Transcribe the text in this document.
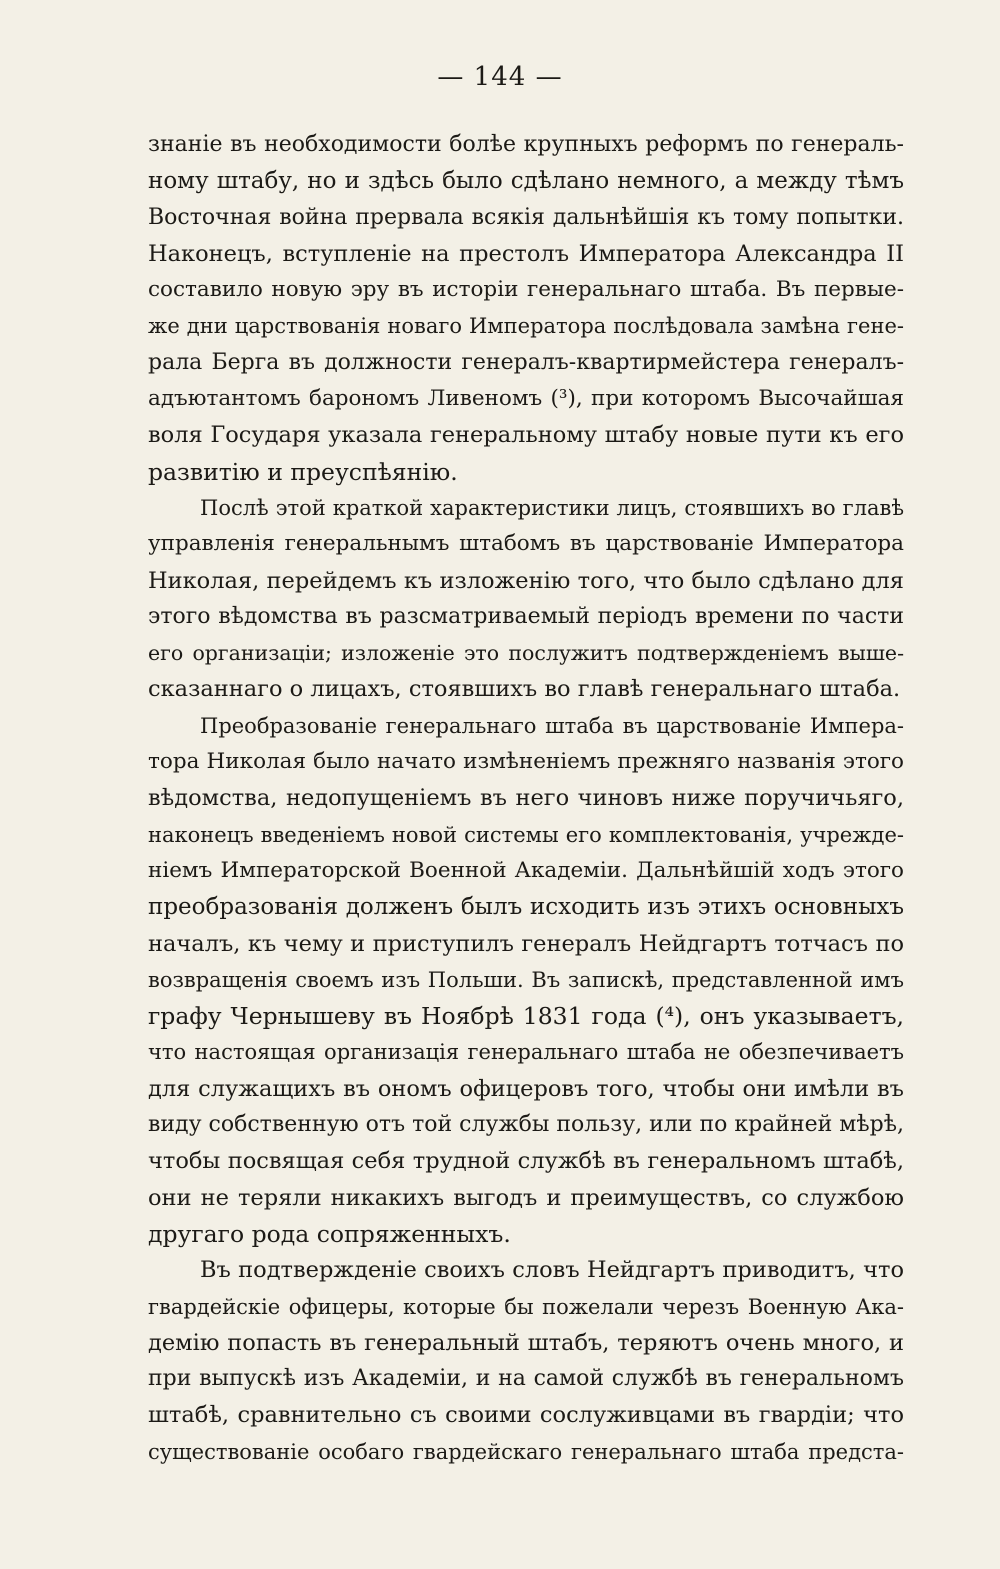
— 144 —
знаніе въ необходимости болѣе крупныхъ реформъ по генераль-
ному штабу, но и здѣсь было сдѣлано немного, а между тѣмъ
Восточная война прервала всякія дальнѣйшія къ тому попытки.
Наконецъ, вступленіе на престолъ Императора Александра II
составило новую эру въ исторіи генеральнаго штаба. Въ первые-
же дни царствованія новаго Императора послѣдовала замѣна гене-
рала Берга въ должности генералъ-квартирмейстера генералъ-
адъютантомъ барономъ Ливеномъ (³), при которомъ Высочайшая
воля Государя указала генеральному штабу новые пути къ его
развитію и преуспѣянію.
Послѣ этой краткой характеристики лицъ, стоявшихъ во главѣ
управленія генеральнымъ штабомъ въ царствованіе Императора
Николая, перейдемъ къ изложенію того, что было сдѣлано для
этого вѣдомства въ разсматриваемый періодъ времени по части
его организаціи; изложеніе это послужитъ подтвержденіемъ выше-
сказаннаго о лицахъ, стоявшихъ во главѣ генеральнаго штаба.
Преобразованіе генеральнаго штаба въ царствованіе Импера-
тора Николая было начато измѣненіемъ прежняго названія этого
вѣдомства, недопущеніемъ въ него чиновъ ниже поручичьяго,
наконецъ введеніемъ новой системы его комплектованія, учрежде-
ніемъ Императорской Военной Академіи. Дальнѣйшій ходъ этого
преобразованія долженъ былъ исходить изъ этихъ основныхъ
началъ, къ чему и приступилъ генералъ Нейдгартъ тотчасъ по
возвращенія своемъ изъ Польши. Въ запискѣ, представленной имъ
графу Чернышеву въ Ноябрѣ 1831 года (⁴), онъ указываетъ,
что настоящая организація генеральнаго штаба не обезпечиваетъ
для служащихъ въ ономъ офицеровъ того, чтобы они имѣли въ
виду собственную отъ той службы пользу, или по крайней мѣрѣ,
чтобы посвящая себя трудной службѣ въ генеральномъ штабѣ,
они не теряли никакихъ выгодъ и преимуществъ, со службою
другаго рода сопряженныхъ.
Въ подтвержденіе своихъ словъ Нейдгартъ приводитъ, что
гвардейскіе офицеры, которые бы пожелали черезъ Военную Ака-
демію попасть въ генеральный штабъ, теряютъ очень много, и
при выпускѣ изъ Академіи, и на самой службѣ въ генеральномъ
штабѣ, сравнительно съ своими сослуживцами въ гвардіи; что
существованіе особаго гвардейскаго генеральнаго штаба предста-
